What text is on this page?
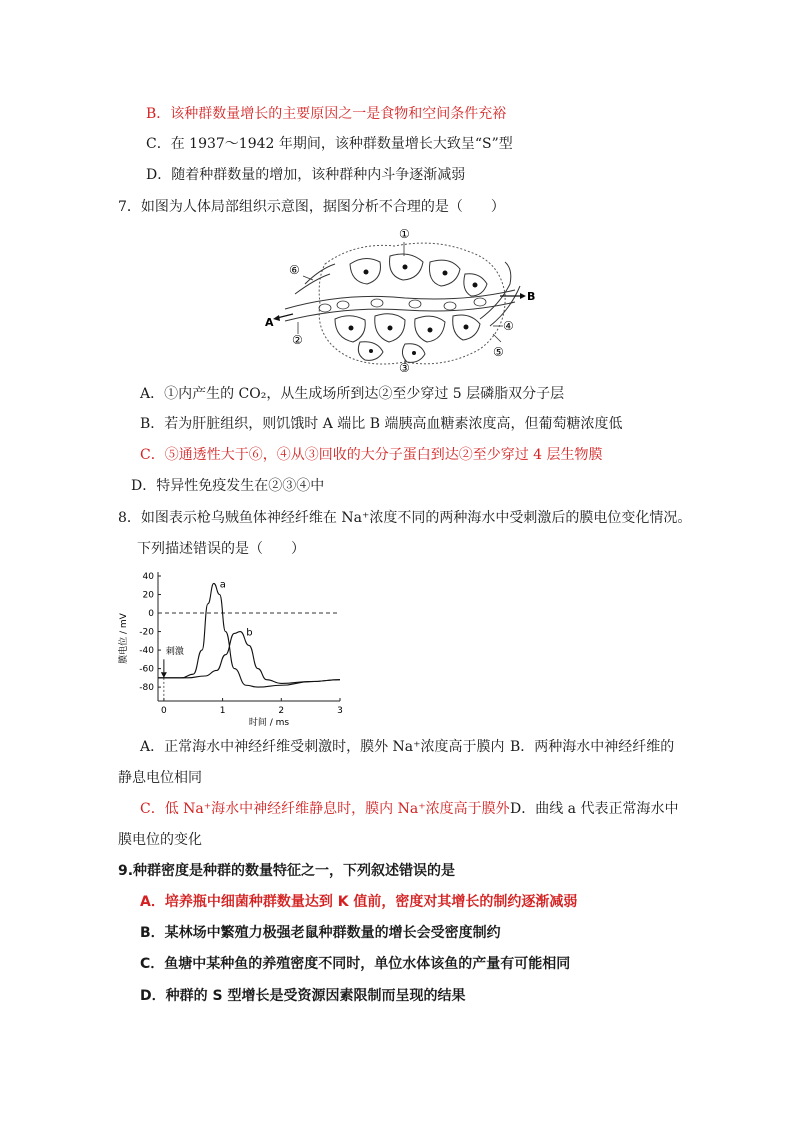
B．该种群数量增长的主要原因之一是食物和空间条件充裕
C．在 1937～1942 年期间，该种群数量增长大致呈“S”型
D．随着种群数量的增加，该种群种内斗争逐渐减弱
7．如图为人体局部组织示意图，据图分析不合理的是（　　）
①
②
③
④
⑤
⑥
A
B
A．①内产生的 CO₂，从生成场所到达②至少穿过 5 层磷脂双分子层
B．若为肝脏组织，则饥饿时 A 端比 B 端胰高血糖素浓度高，但葡萄糖浓度低
C．⑤通透性大于⑥，④从③回收的大分子蛋白到达②至少穿过 4 层生物膜
D．特异性免疫发生在②③④中
8．如图表示枪乌贼鱼体神经纤维在 Na⁺浓度不同的两种海水中受刺激后的膜电位变化情况。
下列描述错误的是（　　）
40
20
0
-20
-40
-60
-80
0	1	2	3
刺激
a
b
膜电位 / mV
时间 / ms
A．正常海水中神经纤维受刺激时，膜外 Na⁺浓度高于膜内 B．两种海水中神经纤维的
静息电位相同
C．低 Na⁺海水中神经纤维静息时，膜内 Na⁺浓度高于膜外 D．曲线 a 代表正常海水中
膜电位的变化
9.种群密度是种群的数量特征之一，下列叙述错误的是
A．培养瓶中细菌种群数量达到 K 值前，密度对其增长的制约逐渐减弱
B．某林场中繁殖力极强老鼠种群数量的增长会受密度制约
C．鱼塘中某种鱼的养殖密度不同时，单位水体该鱼的产量有可能相同
D．种群的 S 型增长是受资源因素限制而呈现的结果
